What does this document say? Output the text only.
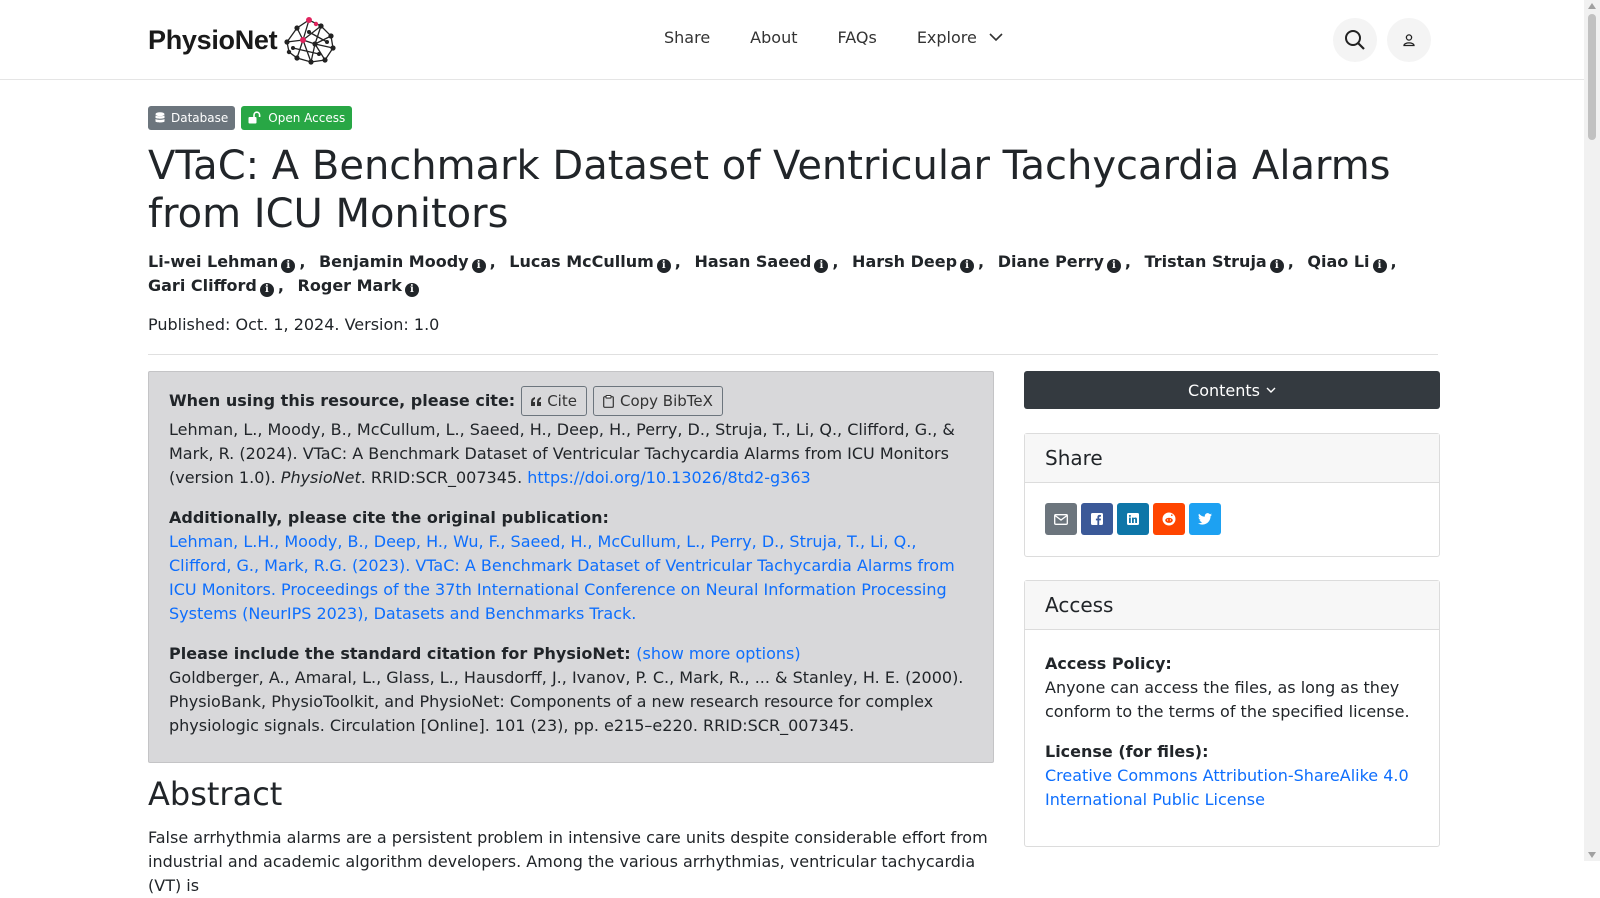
PhysioNet	Share	About	FAQs	Explore
Database	Open Access
VTaC: A Benchmark Dataset of Ventricular Tachycardia Alarms from ICU Monitors
Li-wei Lehman i , Benjamin Moody i , Lucas McCullum i , Hasan Saeed i , Harsh Deep i , Diane Perry i , Tristan Struja i , Qiao Li i , Gari Clifford i , Roger Mark i
Published: Oct. 1, 2024. Version: 1.0
When using this resource, please cite: Cite	Copy BibTeX

Lehman, L., Moody, B., McCullum, L., Saeed, H., Deep, H., Perry, D., Struja, T., Li, Q., Clifford, G., & Mark, R. (2024). VTaC: A Benchmark Dataset of Ventricular Tachycardia Alarms from ICU Monitors (version 1.0). PhysioNet. RRID:SCR_007345. https://doi.org/10.13026/8td2-g363

Additionally, please cite the original publication:

Lehman, L.H., Moody, B., Deep, H., Wu, F., Saeed, H., McCullum, L., Perry, D., Struja, T., Li, Q., Clifford, G., Mark, R.G. (2023). VTaC: A Benchmark Dataset of Ventricular Tachycardia Alarms from ICU Monitors. Proceedings of the 37th International Conference on Neural Information Processing Systems (NeurIPS 2023), Datasets and Benchmarks Track.

Please include the standard citation for PhysioNet: (show more options)

Goldberger, A., Amaral, L., Glass, L., Hausdorff, J., Ivanov, P. C., Mark, R., ... & Stanley, H. E. (2000). PhysioBank, PhysioToolkit, and PhysioNet: Components of a new research resource for complex physiologic signals. Circulation [Online]. 101 (23), pp. e215–e220. RRID:SCR_007345.

Abstract

False arrhythmia alarms are a persistent problem in intensive care units despite considerable effort from industrial and academic algorithm developers. Among the various arrhythmias, ventricular tachycardia (VT) is

Contents
Share
Access

Access Policy:

Anyone can access the files, as long as they conform to the terms of the specified license.

License (for files):

Creative Commons Attribution-ShareAlike 4.0 International Public License
